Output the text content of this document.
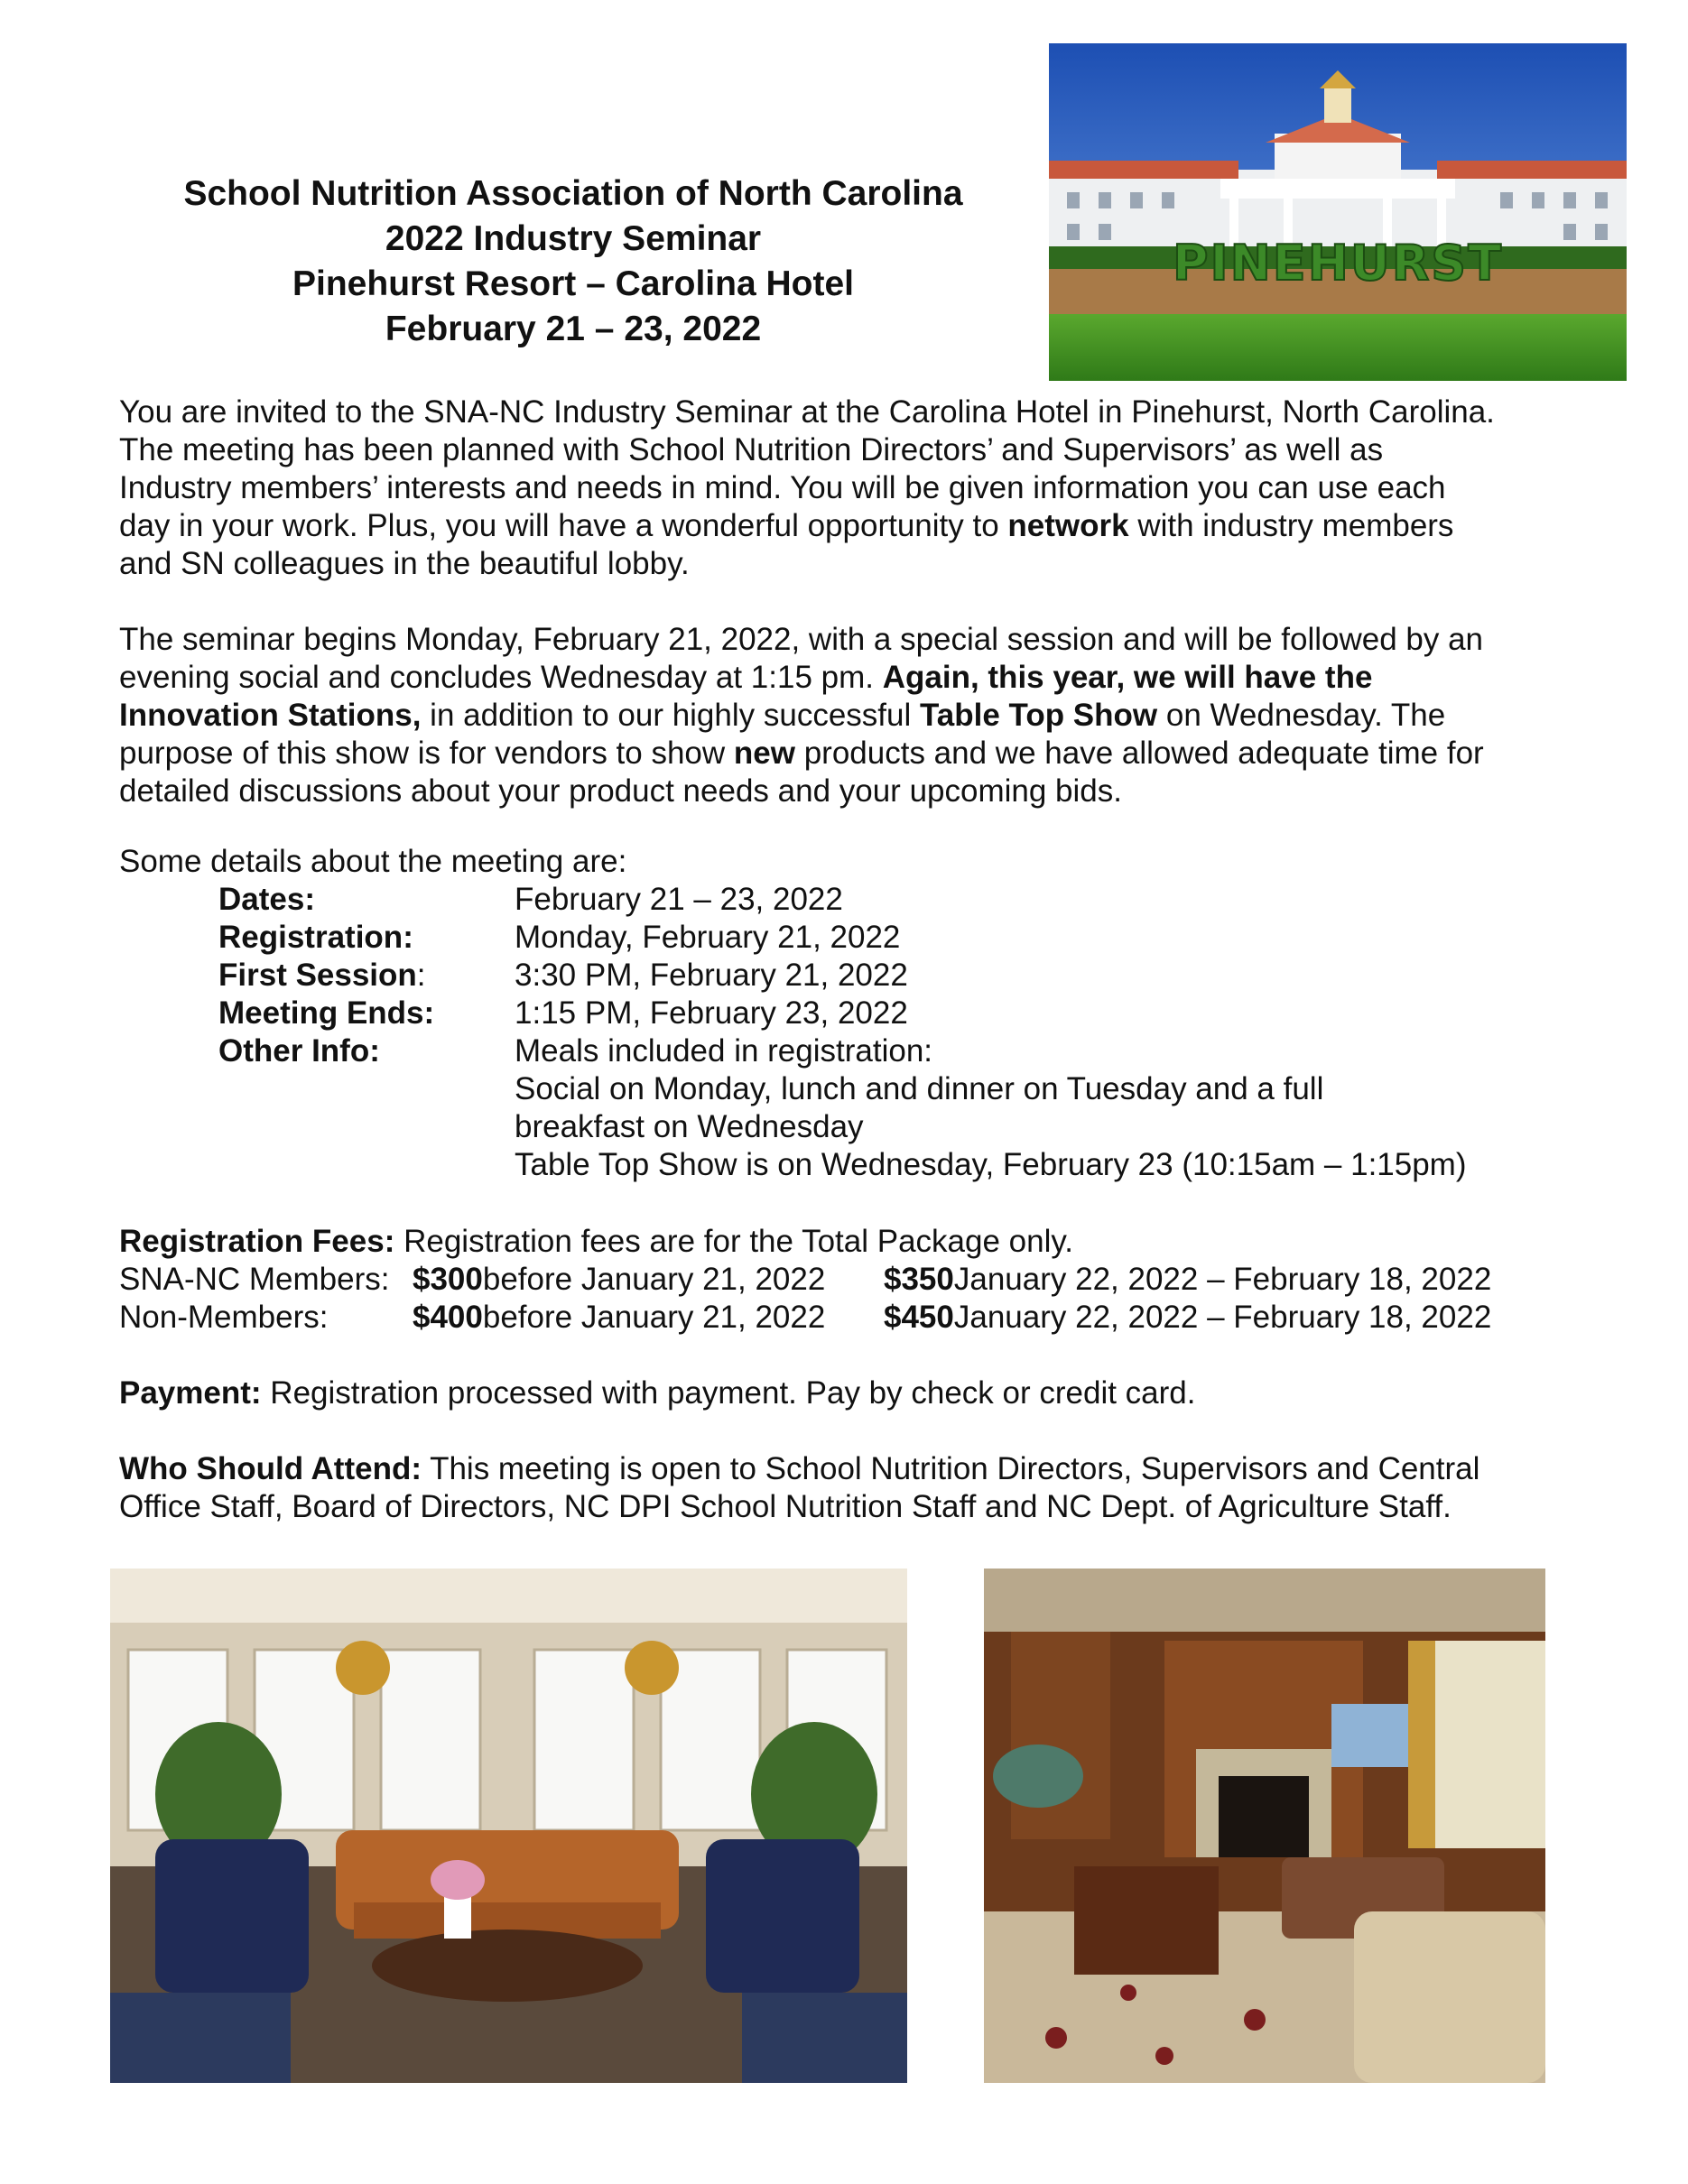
School Nutrition Association of North Carolina
2022 Industry Seminar
Pinehurst Resort – Carolina Hotel
February 21 – 23, 2022
PINEHURST
You are invited to the SNA-NC Industry Seminar at the Carolina Hotel in Pinehurst, North Carolina.
The meeting has been planned with School Nutrition Directors’ and Supervisors’ as well as
Industry members’ interests and needs in mind. You will be given information you can use each
day in your work. Plus, you will have a wonderful opportunity to network with industry members
and SN colleagues in the beautiful lobby.
The seminar begins Monday, February 21, 2022, with a special session and will be followed by an
evening social and concludes Wednesday at 1:15 pm. Again, this year, we will have the
Innovation Stations, in addition to our highly successful Table Top Show on Wednesday. The
purpose of this show is for vendors to show new products and we have allowed adequate time for
detailed discussions about your product needs and your upcoming bids.
Some details about the meeting are:
Dates:	February 21 – 23, 2022
Registration:	Monday, February 21, 2022
First Session:	3:30 PM, February 21, 2022
Meeting Ends:	1:15 PM, February 23, 2022
Other Info:	Meals included in registration:
Social on Monday, lunch and dinner on Tuesday and a full
breakfast on Wednesday
Table Top Show is on Wednesday, February 23 (10:15am – 1:15pm)
Registration Fees: Registration fees are for the Total Package only.
SNA-NC Members: $300 before January 21, 2022 $350 January 22, 2022 – February 18, 2022
Non-Members:	$400 before January 21, 2022 $450 January 22, 2022 – February 18, 2022
Payment: Registration processed with payment. Pay by check or credit card.
Who Should Attend: This meeting is open to School Nutrition Directors, Supervisors and Central
Office Staff, Board of Directors, NC DPI School Nutrition Staff and NC Dept. of Agriculture Staff.
